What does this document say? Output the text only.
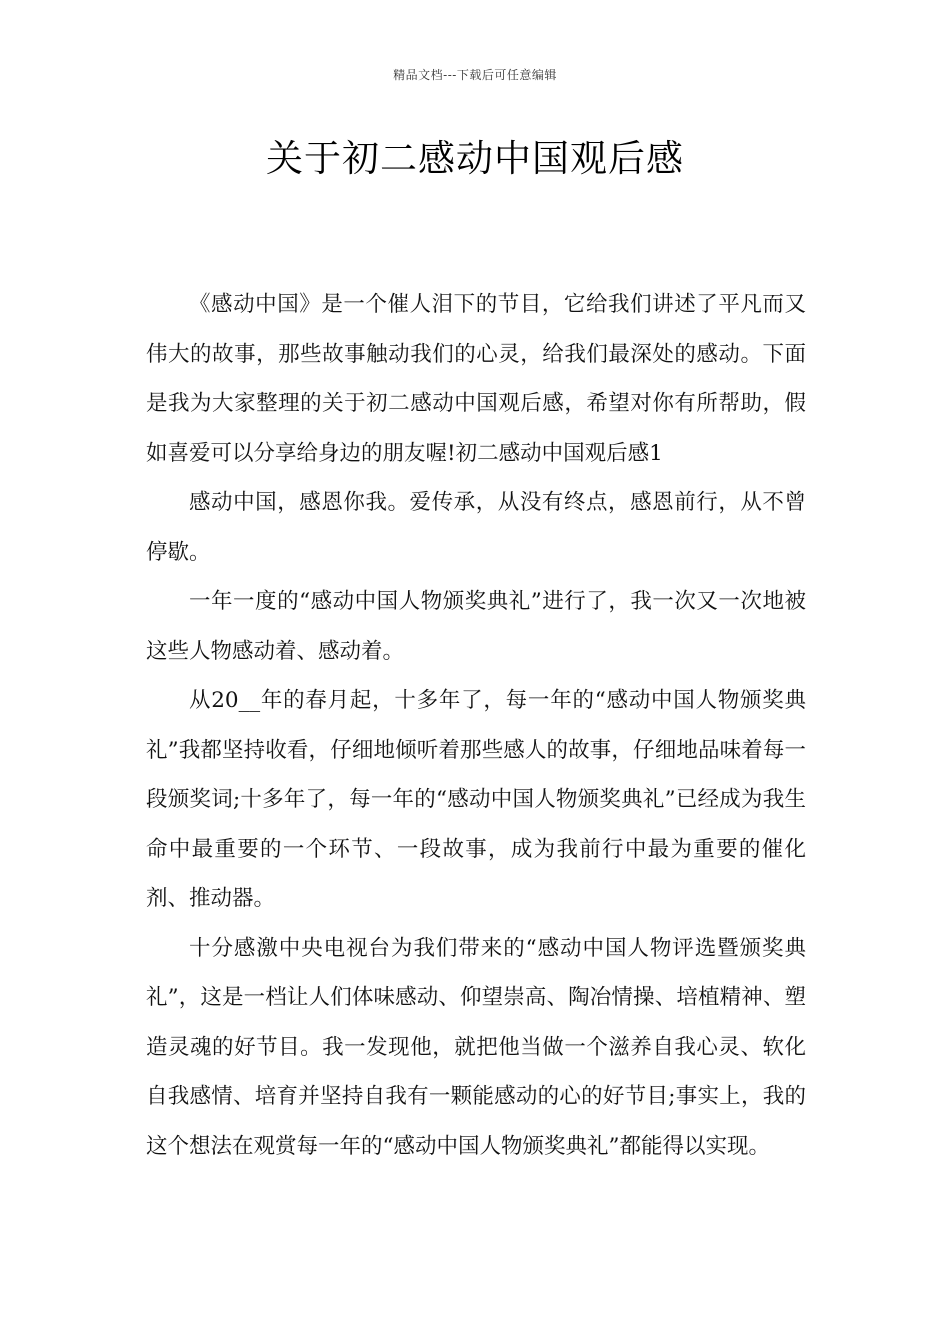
精品文档---下载后可任意编辑
关于初二感动中国观后感

《感动中国》是一个催人泪下的节目，它给我们讲述了平凡而又伟大的故事，那些故事触动我们的心灵，给我们最深处的感动。下面是我为大家整理的关于初二感动中国观后感，希望对你有所帮助，假如喜爱可以分享给身边的朋友喔!初二感动中国观后感1

感动中国，感恩你我。爱传承，从没有终点，感恩前行，从不曾停歇。

一年一度的“感动中国人物颁奖典礼”进行了，我一次又一次地被这些人物感动着、感动着。

从20__年的春月起，十多年了，每一年的“感动中国人物颁奖典礼”我都坚持收看，仔细地倾听着那些感人的故事，仔细地品味着每一段颁奖词;十多年了，每一年的“感动中国人物颁奖典礼”已经成为我生命中最重要的一个环节、一段故事，成为我前行中最为重要的催化剂、推动器。

十分感激中央电视台为我们带来的“感动中国人物评选暨颁奖典礼”，这是一档让人们体味感动、仰望崇高、陶冶情操、培植精神、塑造灵魂的好节目。我一发现他，就把他当做一个滋养自我心灵、软化自我感情、培育并坚持自我有一颗能感动的心的好节目;事实上，我的这个想法在观赏每一年的“感动中国人物颁奖典礼”都能得以实现。
